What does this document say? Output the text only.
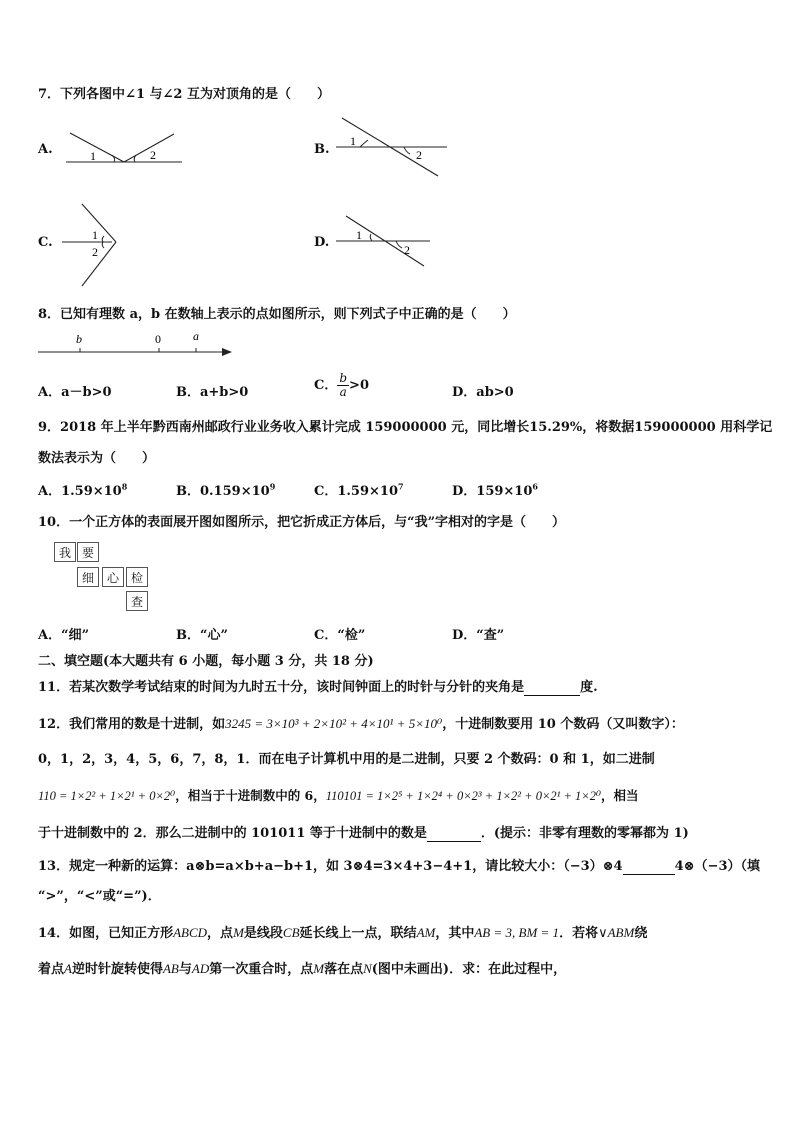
7．下列各图中∠1 与∠2 互为对顶角的是（　　）
A.	1	2	B.
1
2
C.	1
2
D. 1
2
8．已知有理数 a，b 在数轴上表示的点如图所示，则下列式子中正确的是（　　）
b	0	a
A．a－b>0	B．a+b>0	C． $\frac{b}{a} >0$	D．ab>0
9．2018 年上半年黔西南州邮政行业业务收入累计完成 159000000 元，同比增长15.29%，将数据159000000 用科学记
数法表示为（　　）
A．$1.59\times 10^8$	B．$0.159\times 10^9$	C．$1.59\times 10^7$	D．$159\times 10^6$
10．一个正方体的表面展开图如图所示，把它折成正方体后，与“我”字相对的字是（　　）
我 要
细	心 检
查
A．“细”	B．“心”	C．“检”	D．“查”
二、填空题(本大题共有 6 小题，每小题 3 分，共 18 分)
11．若某次数学考试结束的时间为九时五十分，该时间钟面上的时针与分针的夹角是	度.
12．我们常用的数是十进制，如3245 = 3×10³ + 2×10² + 4×10¹ + 5×10⁰，十进制数要用 10 个数码（又叫数字）：
0，1，2，3，4，5，6，7，8，1．而在电子计算机中用的是二进制，只要 2 个数码：0 和 1，如二进制
110 = 1×2² + 1×2¹ + 0×2⁰，相当于十进制数中的 6，110101 = 1×2⁵ + 1×2⁴ + 0×2³ + 1×2² + 0×2¹ + 1×2⁰，相当
于十进制数中的 2．那么二进制中的 101011 等于十进制中的数是	．(提示：非零有理数的零幂都为 1)
13．规定一种新的运算：a⊗b=a×b+a−b+1，如 3⊗4=3×4+3−4+1，请比较大小：（−3）⊗4	4⊗（−3）（填
“>”，“<”或“=”)．
14．如图，已知正方形ABCD，点M是线段CB延长线上一点，联结AM，其中AB = 3, BM = 1．若将∨ABM绕
着点A逆时针旋转使得AB与AD第一次重合时，点M落在点N(图中未画出)．求：在此过程中，
